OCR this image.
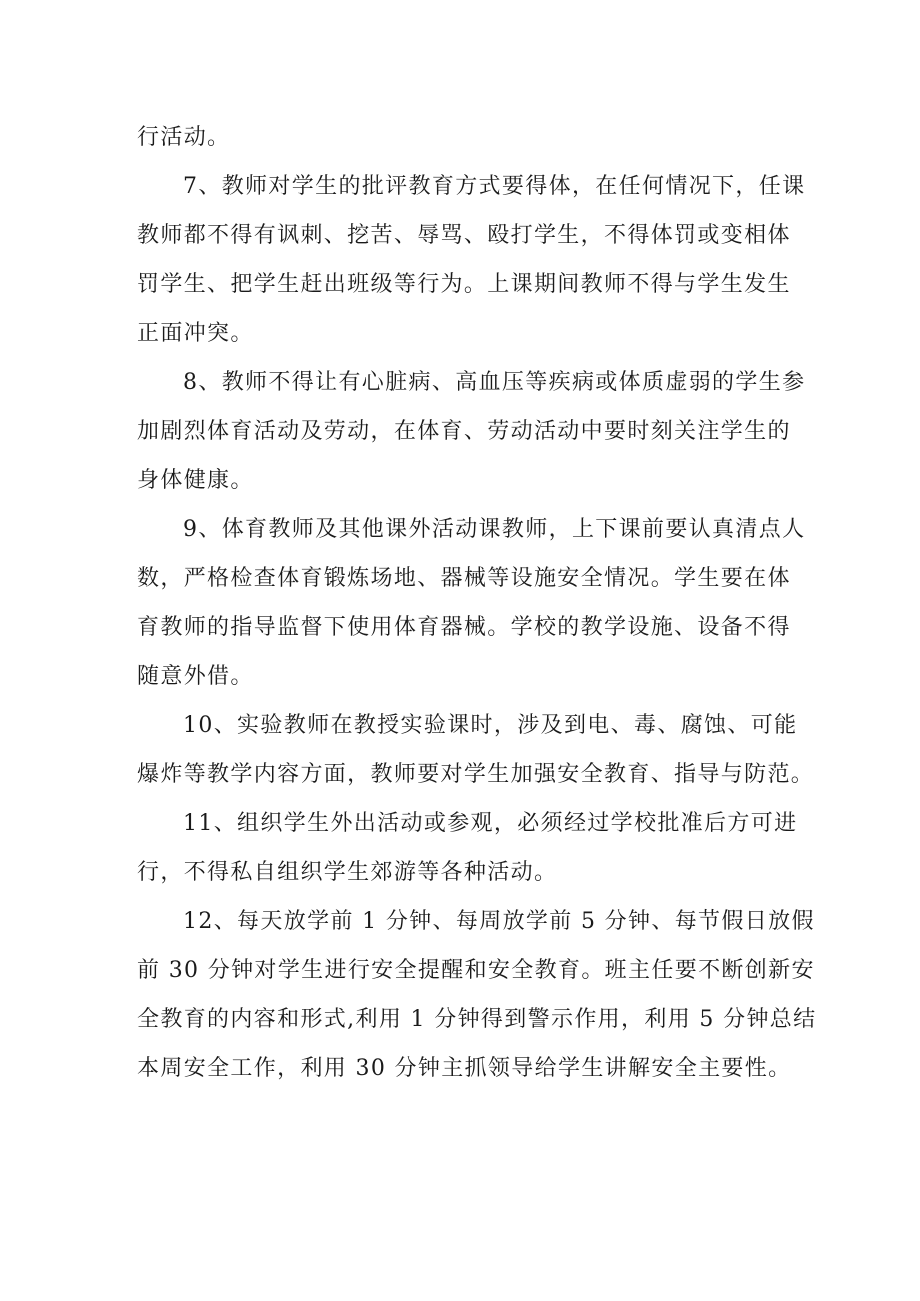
行活动。
7、教师对学生的批评教育方式要得体，在任何情况下，任课
教师都不得有讽刺、挖苦、辱骂、殴打学生，不得体罚或变相体
罚学生、把学生赶出班级等行为。上课期间教师不得与学生发生
正面冲突。
8、教师不得让有心脏病、高血压等疾病或体质虚弱的学生参
加剧烈体育活动及劳动，在体育、劳动活动中要时刻关注学生的
身体健康。
9、体育教师及其他课外活动课教师，上下课前要认真清点人
数，严格检查体育锻炼场地、器械等设施安全情况。学生要在体
育教师的指导监督下使用体育器械。学校的教学设施、设备不得
随意外借。
10、实验教师在教授实验课时，涉及到电、毒、腐蚀、可能
爆炸等教学内容方面，教师要对学生加强安全教育、指导与防范。
11、组织学生外出活动或参观，必须经过学校批准后方可进
行，不得私自组织学生郊游等各种活动。
12、每天放学前 1 分钟、每周放学前 5 分钟、每节假日放假
前 30 分钟对学生进行安全提醒和安全教育。班主任要不断创新安
全教育的内容和形式,利用 1 分钟得到警示作用，利用 5 分钟总结
本周安全工作，利用 30 分钟主抓领导给学生讲解安全主要性。
